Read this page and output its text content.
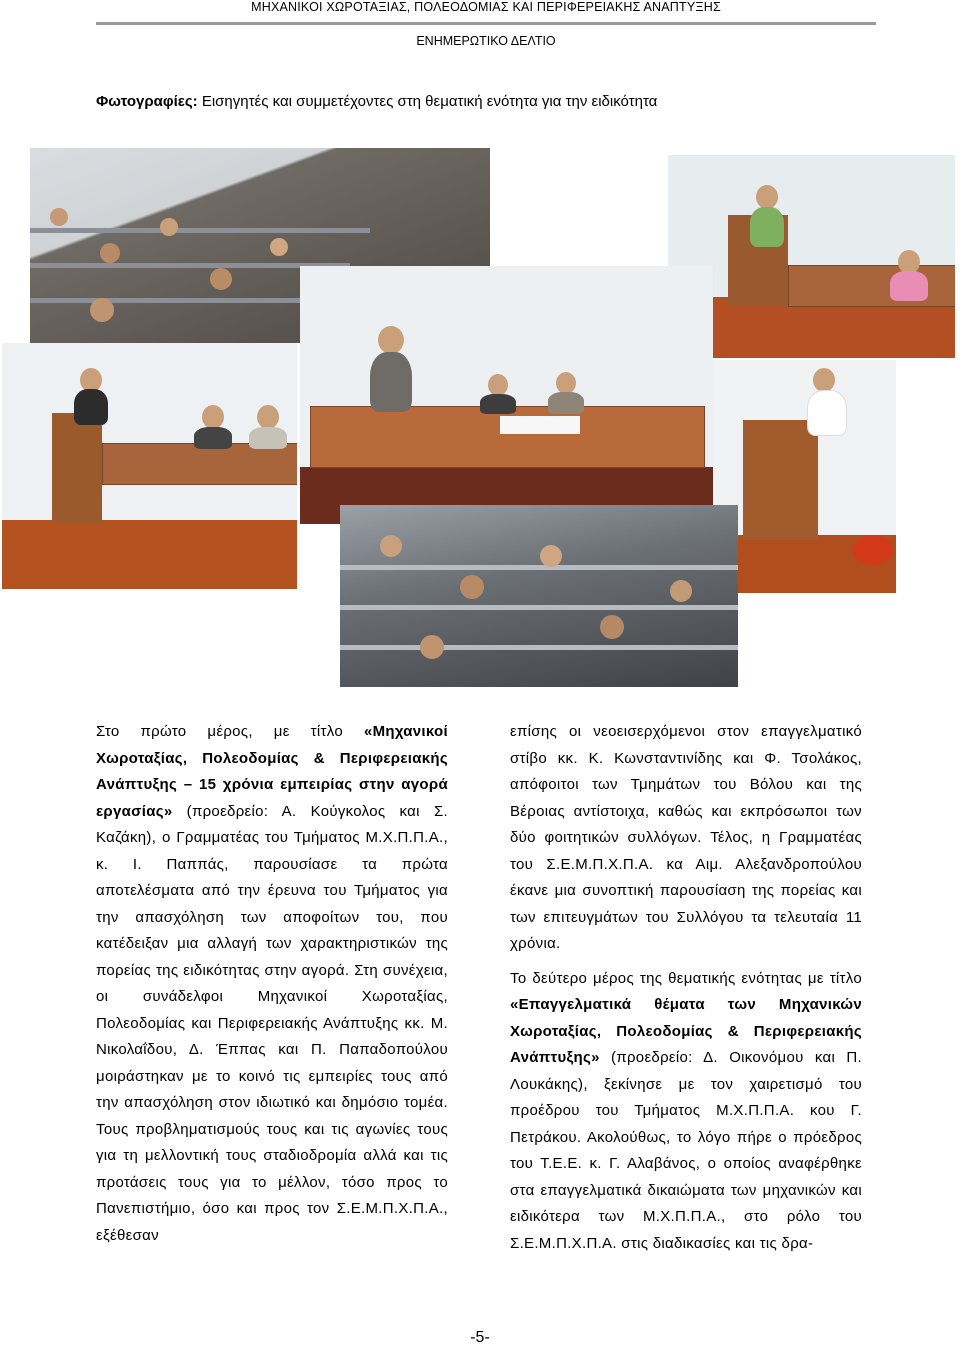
ΜΗΧΑΝΙΚΟΙ ΧΩΡΟΤΑΞΙΑΣ, ΠΟΛΕΟΔΟΜΙΑΣ ΚΑΙ ΠΕΡΙΦΕΡΕΙΑΚΗΣ ΑΝΑΠΤΥΞΗΣ
ΕΝΗΜΕΡΩΤΙΚΟ ΔΕΛΤΙΟ
Φωτογραφίες: Εισηγητές και συμμετέχοντες στη θεματική ενότητα για την ειδικότητα

Στο πρώτο μέρος, με τίτλο «Μηχανικοί Χωροταξίας, Πολεοδομίας & Περιφερειακής Ανάπτυξης – 15 χρόνια εμπειρίας στην αγορά εργασίας» (προεδρείο: Α. Κούγκολος και Σ. Καζάκη), ο Γραμματέας του Τμήματος Μ.Χ.Π.Π.Α., κ. Ι. Παππάς, παρουσίασε τα πρώτα αποτελέσματα από την έρευνα του Τμήματος για την απασχόληση των αποφοίτων του, που κατέδειξαν μια αλλαγή των χαρακτηριστικών της πορείας της ειδικότητας στην αγορά. Στη συνέχεια, οι συνάδελφοι Μηχανικοί Χωροταξίας, Πολεοδομίας και Περιφερειακής Ανάπτυξης κκ. Μ. Νικολαΐδου, Δ. Έππας και Π. Παπαδοπούλου μοιράστηκαν με το κοινό τις εμπειρίες τους από την απασχόληση στον ιδιωτικό και δημόσιο τομέα. Τους προβληματισμούς τους και τις αγωνίες τους για τη μελλοντική τους σταδιοδρομία αλλά και τις προτάσεις τους για το μέλλον, τόσο προς το Πανεπιστήμιο, όσο και προς τον Σ.Ε.Μ.Π.Χ.Π.Α., εξέθεσαν

επίσης οι νεοεισερχόμενοι στον επαγγελματικό στίβο κκ. Κ. Κωνσταντινίδης και Φ. Τσολάκος, απόφοιτοι των Τμημάτων του Βόλου και της Βέροιας αντίστοιχα, καθώς και εκπρόσωποι των δύο φοιτητικών συλλόγων. Τέλος, η Γραμματέας του Σ.Ε.Μ.Π.Χ.Π.Α. κα Αιμ. Αλεξανδροπούλου έκανε μια συνοπτική παρουσίαση της πορείας και των επιτευγμάτων του Συλλόγου τα τελευταία 11 χρόνια.

Το δεύτερο μέρος της θεματικής ενότητας με τίτλο «Επαγγελματικά θέματα των Μηχανικών Χωροταξίας, Πολεοδομίας & Περιφερειακής Ανάπτυξης» (προεδρείο: Δ. Οικονόμου και Π. Λουκάκης), ξεκίνησε με τον χαιρετισμό του προέδρου του Τμήματος Μ.Χ.Π.Π.Α. κου Γ. Πετράκου. Ακολούθως, το λόγο πήρε ο πρόεδρος του Τ.Ε.Ε. κ. Γ. Αλαβάνος, ο οποίος αναφέρθηκε στα επαγγελματικά δικαιώματα των μηχανικών και ειδικότερα των Μ.Χ.Π.Π.Α., στο ρόλο του Σ.Ε.Μ.Π.Χ.Π.Α. στις διαδικασίες και τις δρα-

-5-
